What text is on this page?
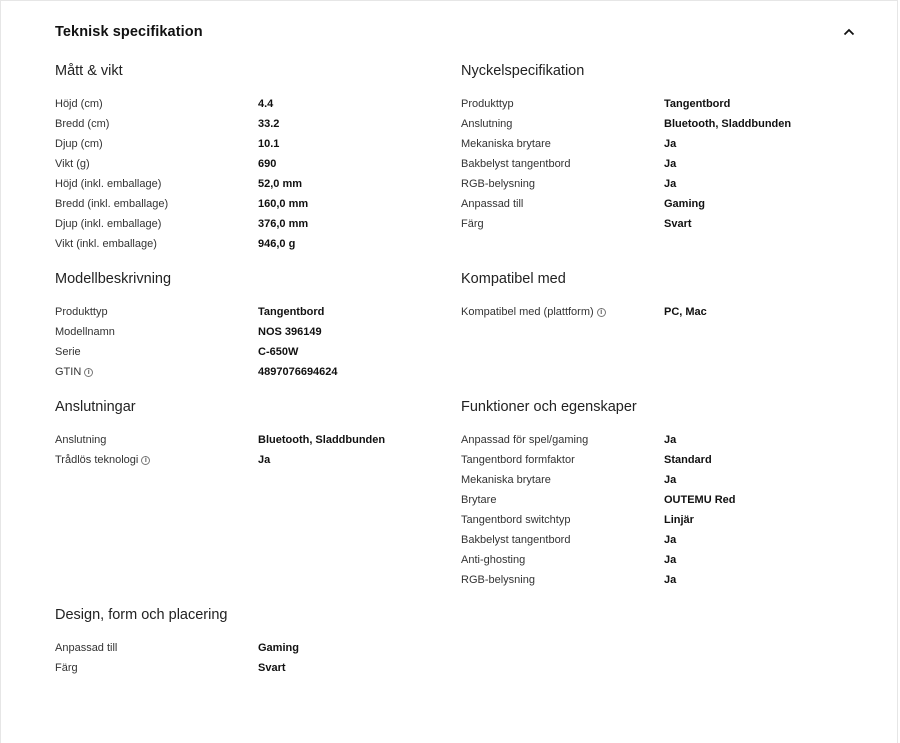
Teknisk specifikation
Mått & vikt
Höjd (cm)	4.4
Bredd (cm)	33.2
Djup (cm)	10.1
Vikt (g)	690
Höjd (inkl. emballage)	52,0 mm
Bredd (inkl. emballage)	160,0 mm
Djup (inkl. emballage)	376,0 mm
Vikt (inkl. emballage)	946,0 g
Nyckelspecifikation
Produkttyp	Tangentbord
Anslutning	Bluetooth, Sladdbunden
Mekaniska brytare	Ja
Bakbelyst tangentbord	Ja
RGB-belysning	Ja
Anpassad till	Gaming
Färg	Svart
Modellbeskrivning
Produkttyp	Tangentbord
Modellnamn	NOS 396149
Serie	C-650W
GTIN i	4897076694624
Kompatibel med
Kompatibel med (plattform) i	PC, Mac
Anslutningar
Anslutning	Bluetooth, Sladdbunden
Trådlös teknologi i	Ja
Funktioner och egenskaper
Anpassad för spel/gaming	Ja
Tangentbord formfaktor	Standard
Mekaniska brytare	Ja
Brytare	OUTEMU Red
Tangentbord switchtyp	Linjär
Bakbelyst tangentbord	Ja
Anti-ghosting	Ja
RGB-belysning	Ja
Design, form och placering
Anpassad till	Gaming
Färg	Svart
